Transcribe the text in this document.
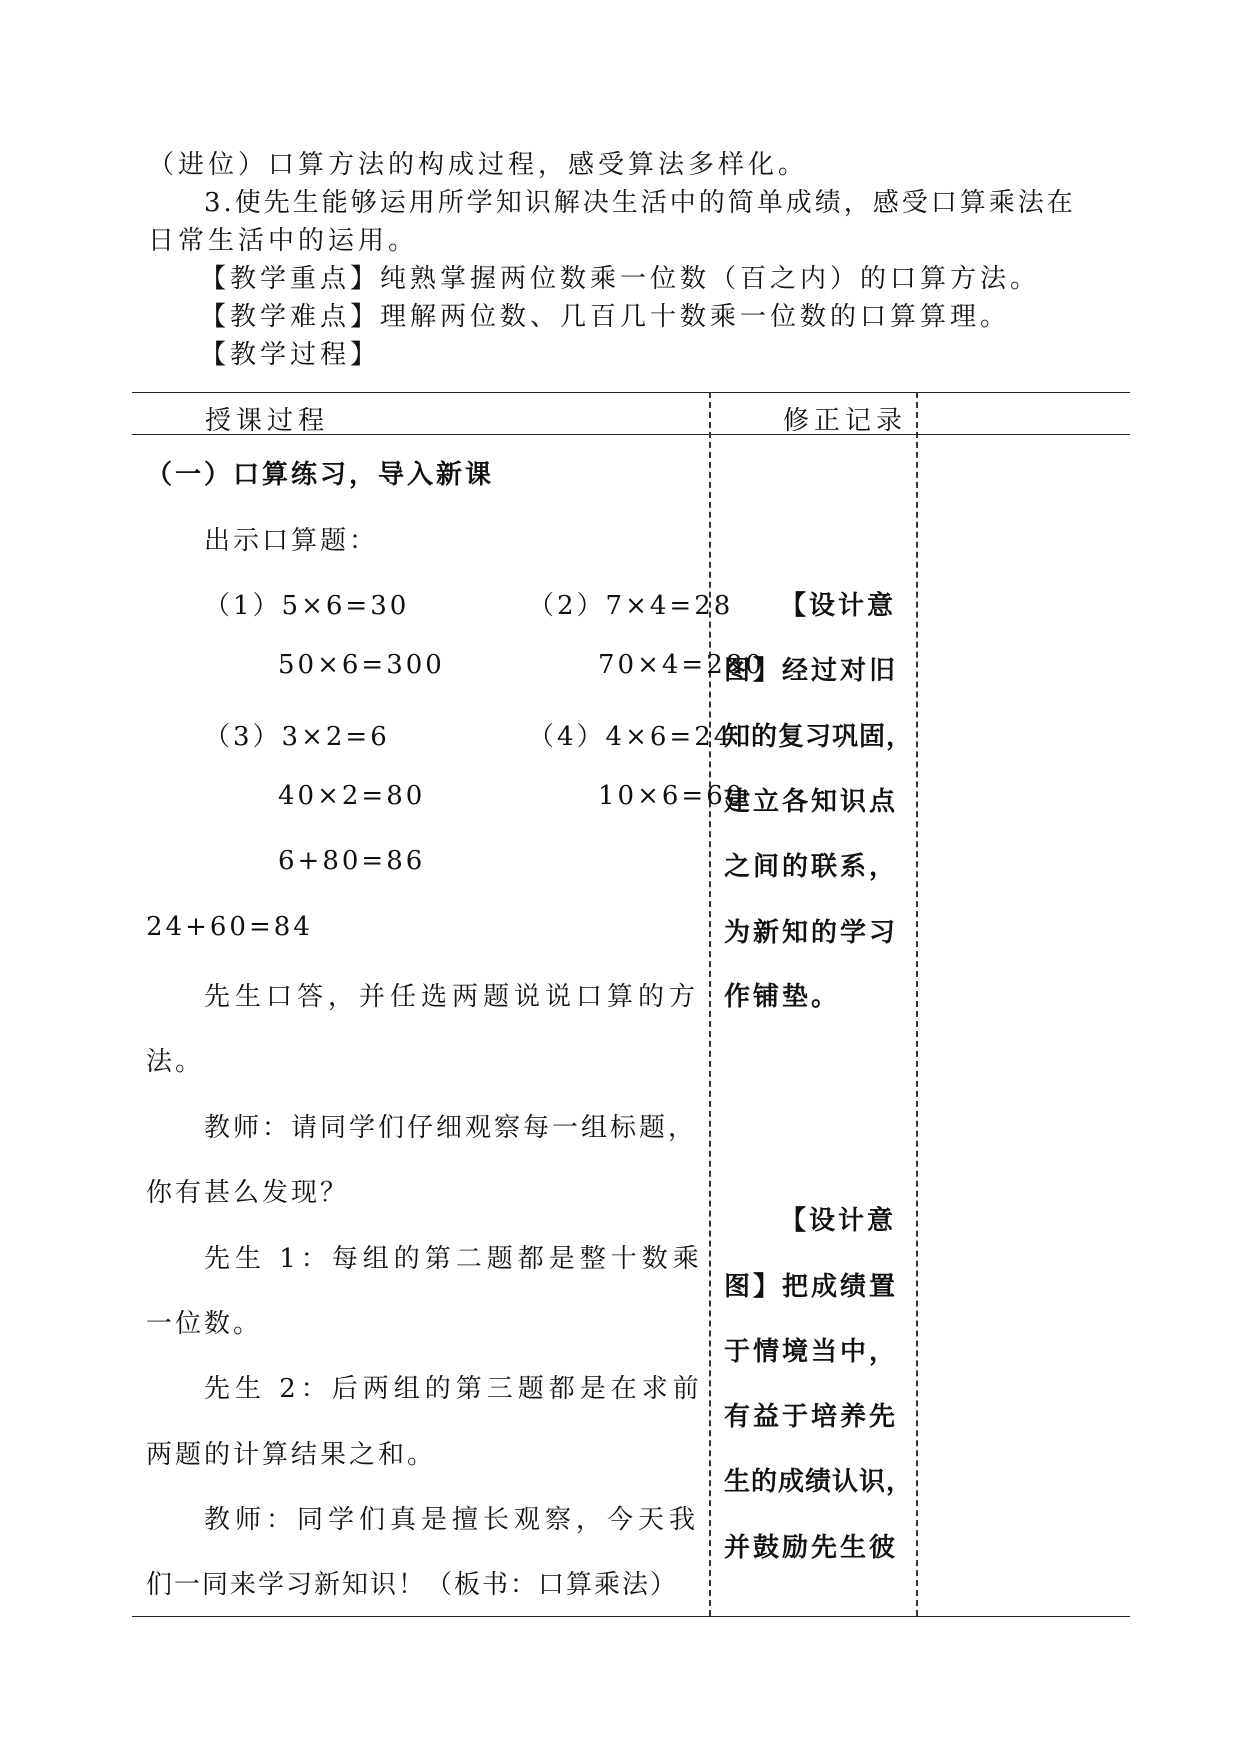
（进位）口算方法的构成过程，感受算法多样化。

3.使先生能够运用所学知识解决生活中的简单成绩，感受口算乘法在

日常生活中的运用。

【教学重点】纯熟掌握两位数乘一位数（百之内）的口算方法。

【教学难点】理解两位数、几百几十数乘一位数的口算算理。

【教学过程】

授课过程	修正记录
（一）口算练习，导入新课
出示口算题：
（1）5×6=30	（2）7×4=28
50×6=300	70×4=280
（3）3×2=6	（4）4×6=24
40×2=80	10×6=60
6+80=86
24+60=84
先生口答，并任选两题说说口算的方
法。
教师：请同学们仔细观察每一组标题，
你有甚么发现？
先生 1：每组的第二题都是整十数乘
一位数。
先生 2：后两组的第三题都是在求前
两题的计算结果之和。
教师：同学们真是擅长观察，今天我
们一同来学习新知识！（板书：口算乘法）
【设计意
图】经过对旧
知的复习巩固，
建立各知识点
之间的联系，
为新知的学习
作铺垫。
【设计意
图】把成绩置
于情境当中，
有益于培养先
生的成绩认识，
并鼓励先生彼
